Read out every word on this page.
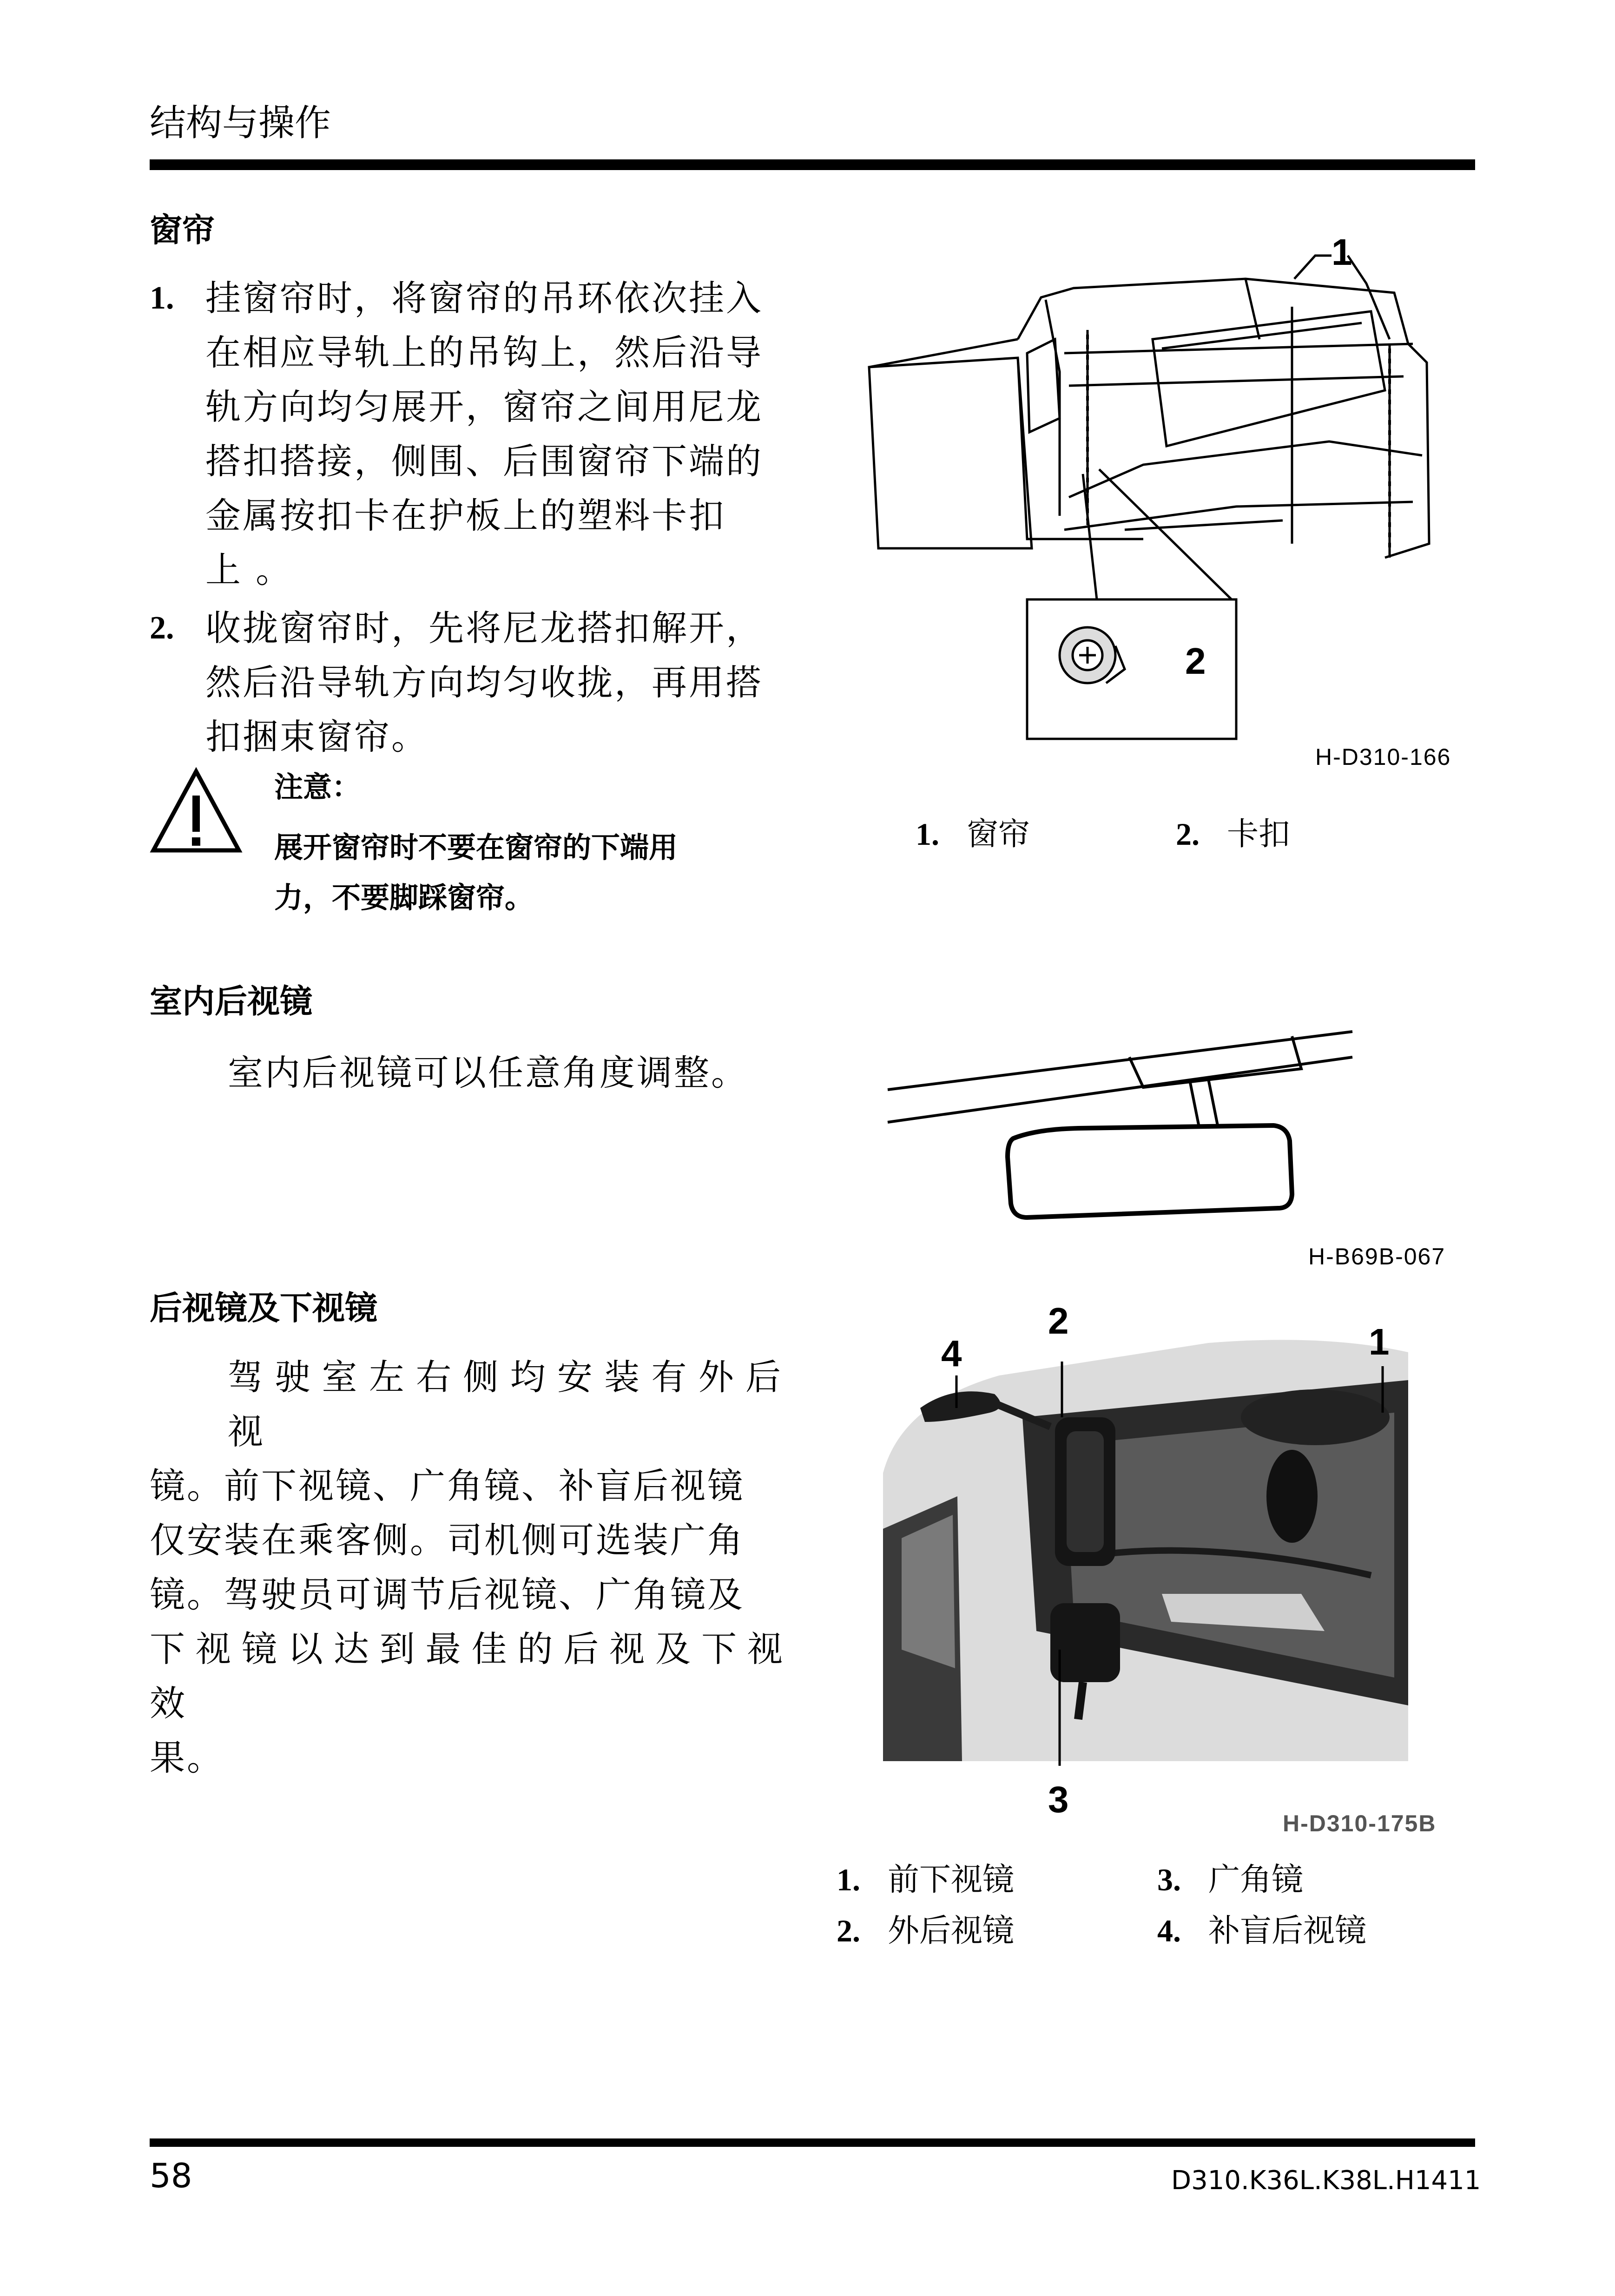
结构与操作
窗帘
1. 挂窗帘时，将窗帘的吊环依次挂入
在相应导轨上的吊钩上，然后沿导
轨方向均匀展开，窗帘之间用尼龙
搭扣搭接，侧围、后围窗帘下端的
金属按扣卡在护板上的塑料卡扣
上 。
2. 收拢窗帘时，先将尼龙搭扣解开，
然后沿导轨方向均匀收拢，再用搭
扣捆束窗帘。
注意：
展开窗帘时不要在窗帘的下端用
力，不要脚踩窗帘。
1
2
H-D310-166
1. 窗帘	2. 卡扣
室内后视镜
室内后视镜可以任意角度调整。
H-B69B-067
后视镜及下视镜
驾驶室左右侧均安装有外后视
镜。前下视镜、广角镜、补盲后视镜
仅安装在乘客侧。司机侧可选装广角
镜。驾驶员可调节后视镜、广角镜及
下视镜以达到最佳的后视及下视效
果。
1
2
3
4
H-D310-175B
1. 前下视镜	3. 广角镜
2. 外后视镜	4. 补盲后视镜
58	D310.K36L.K38L.H1411
